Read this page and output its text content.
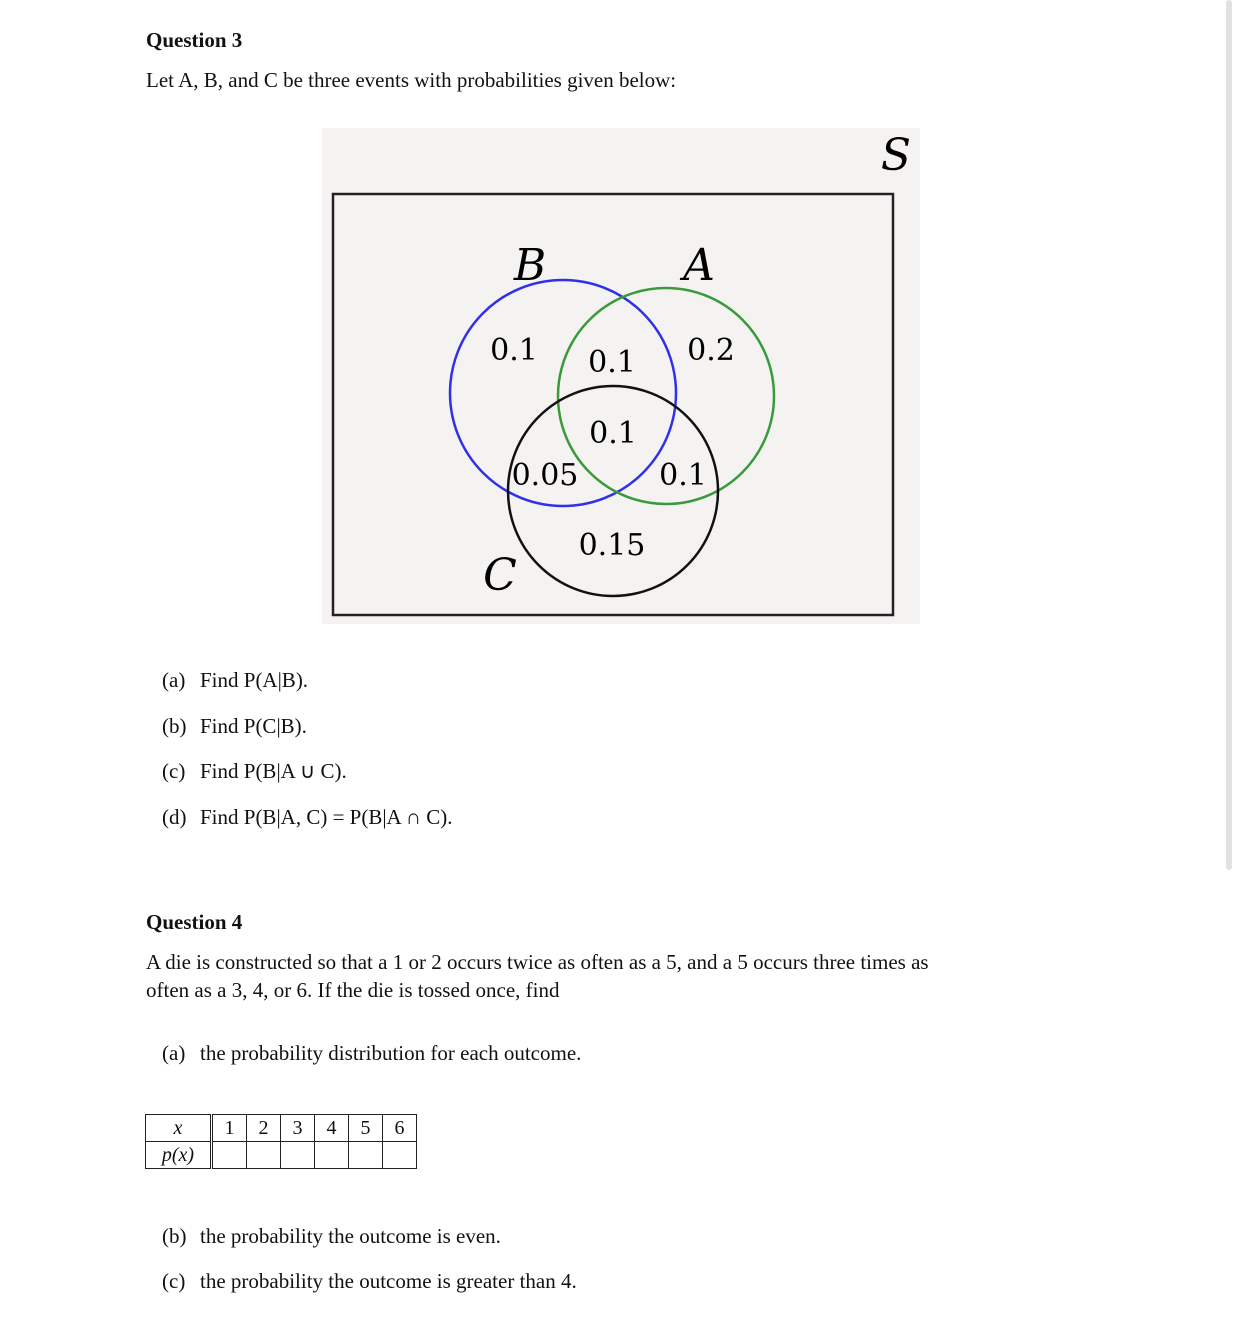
Question 3
Let A, B, and C be three events with probabilities given below:
S
B	A
C
0.1 0.1 0.2
0.1
0.05	0.1
0.15
(a) Find P(A|B).
(b) Find P(C|B).
(c) Find P(B|A ∪ C).
(d) Find P(B|A, C) = P(B|A ∩ C).
Question 4
A die is constructed so that a 1 or 2 occurs twice as often as a 5, and a 5 occurs three times as
often as a 3, 4, or 6. If the die is tossed once, find
(a) the probability distribution for each outcome.
x	1	2	3	4	5	6
p(x)						
(b) the probability the outcome is even.
(c) the probability the outcome is greater than 4.
